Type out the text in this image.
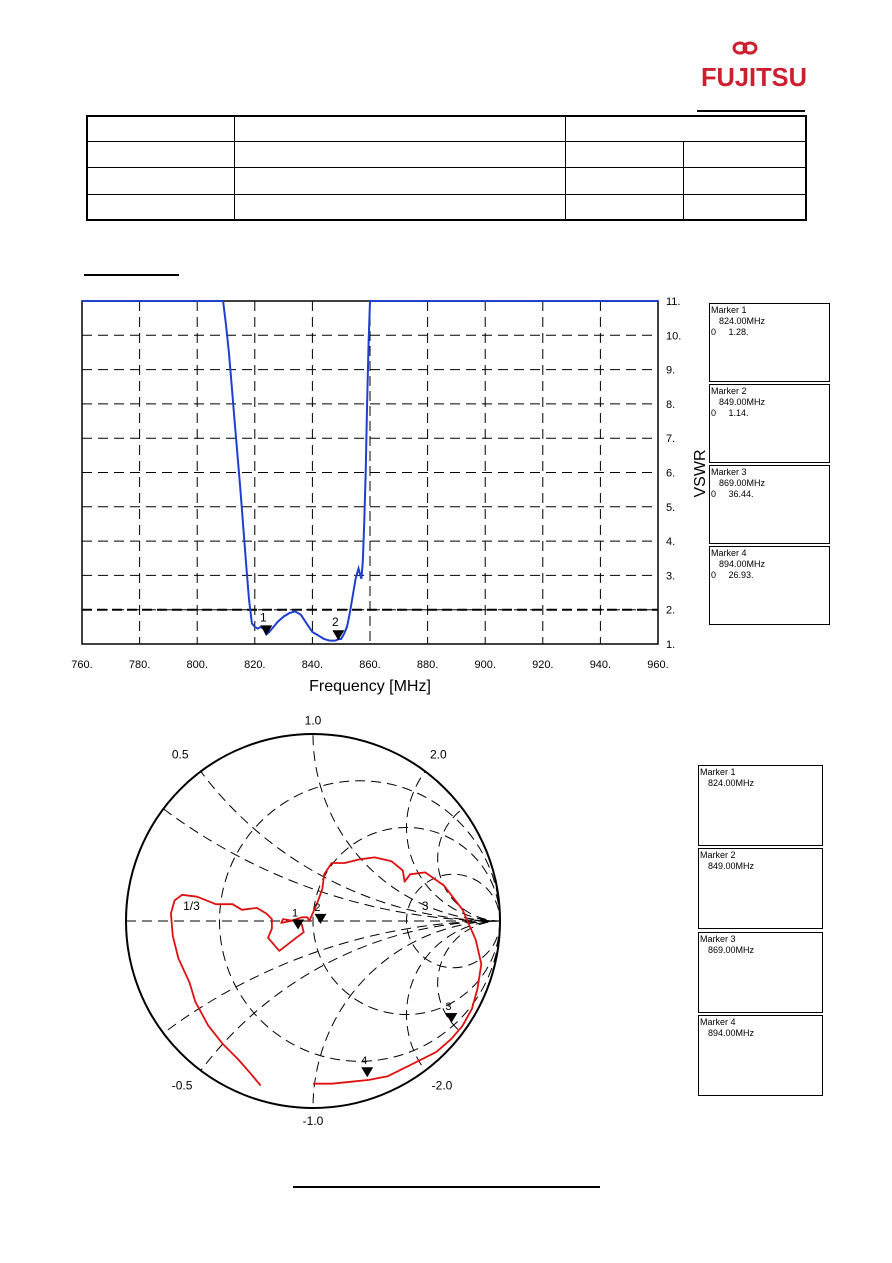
FUJITSU

760.	780.	800.	820.	840.	860.	880.	900.	920.	940.	960.
1.
2.
3.
4.
5.
6.
7.
8.
9.
10.
11.
Frequency [MHz]
VSWR
1	2
1 2
3
4
1.0
2.0
0.5
1/3	3
-0.5
-1.0
-2.0
Marker 1
824.00MHz
0     1.28.
Marker 2
849.00MHz
0     1.14.
Marker 3
869.00MHz
0     36.44.
Marker 4
894.00MHz
0     26.93.
Marker 1
824.00MHz
Marker 2
849.00MHz
Marker 3
869.00MHz
Marker 4
894.00MHz
